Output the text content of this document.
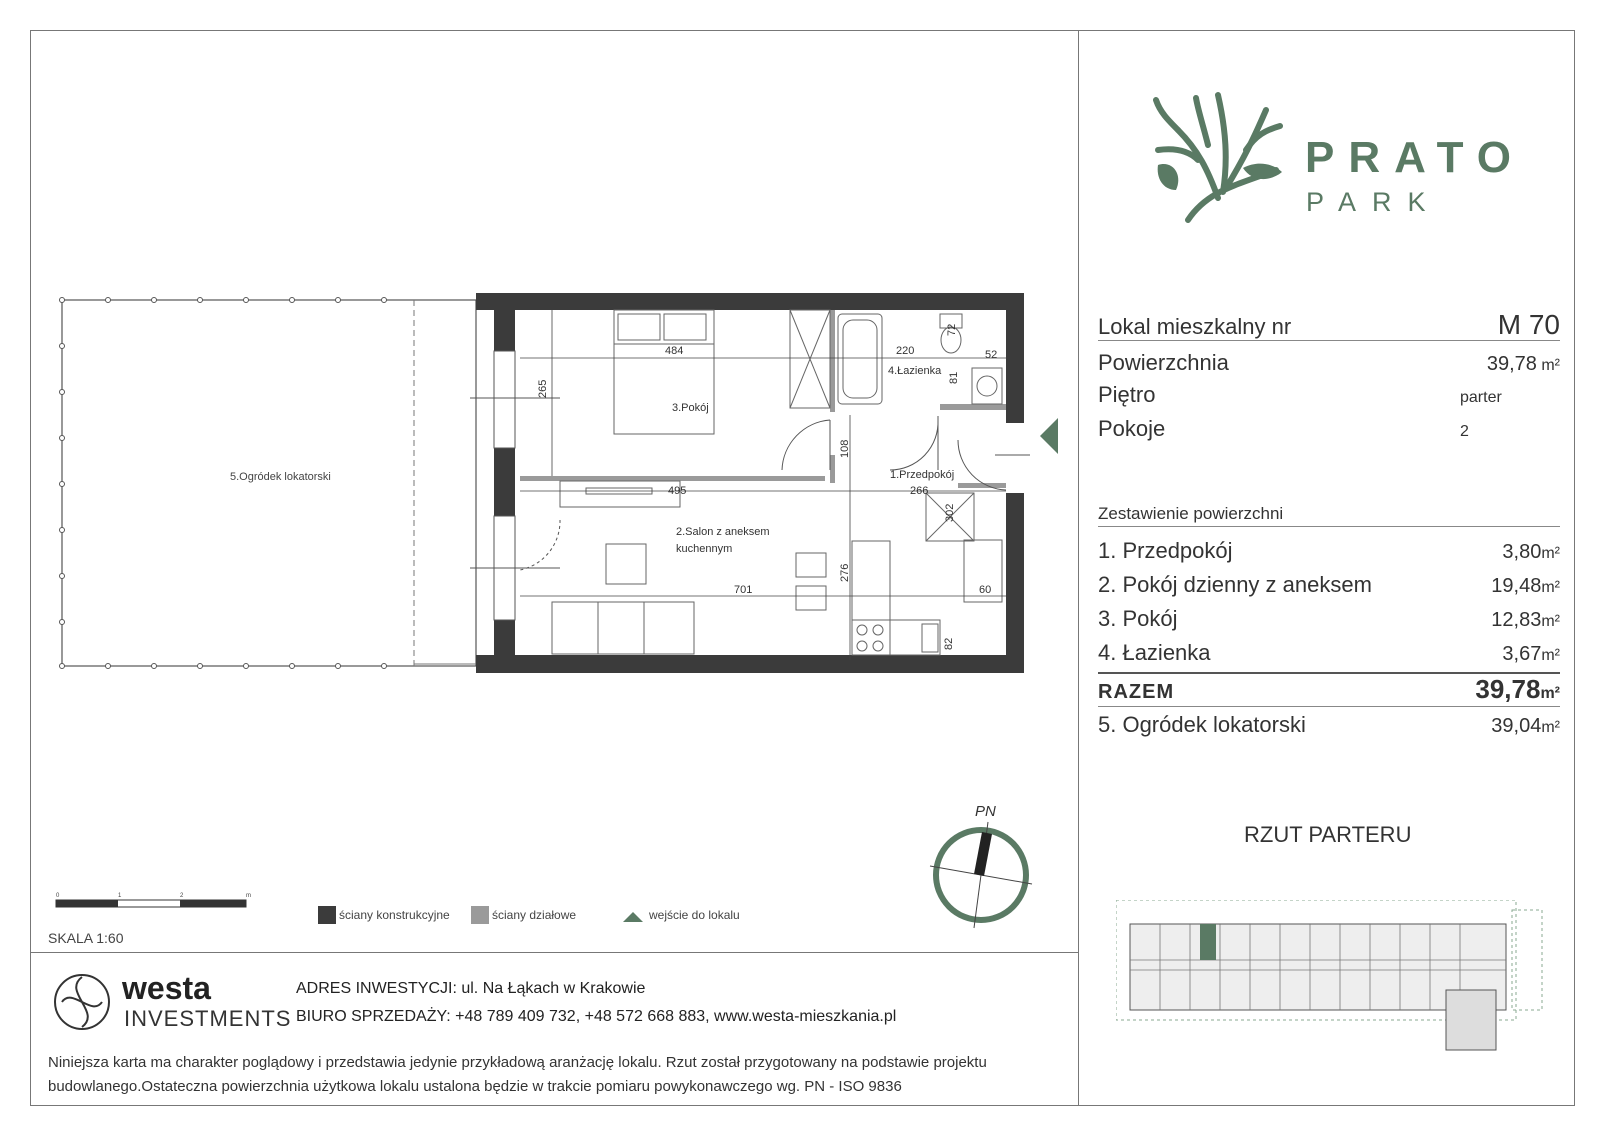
5.Ogródek lokatorski
484	220
265
108
81
72
52
495	266
302
276
701	60
82
3.Pokój
4.Łazienka
1.Przedpokój
2.Salon z aneksem
kuchennym
PN
0	1	2	m
ściany konstrukcyjne	ściany działowe	wejście do lokalu
SKALA 1:60
PRATO
PARK
Lokal mieszkalny nr	M 70
Powierzchnia	39,78 m²
Piętro	parter
Pokoje	2
Zestawienie powierzchni
1. Przedpokój	3,80m²
2. Pokój dzienny z aneksem	19,48m²
3. Pokój	12,83m²
4. Łazienka	3,67m²
RAZEM	39,78m²
5. Ogródek lokatorski	39,04m²
RZUT PARTERU
westa
INVESTMENTS
ADRES INWESTYCJI: ul. Na Łąkach w Krakowie
BIURO SPRZEDAŻY: +48 789 409 732, +48 572 668 883, www.westa-mieszkania.pl
Niniejsza karta ma charakter poglądowy i przedstawia jedynie przykładową aranżację lokalu. Rzut został przygotowany na podstawie projektu
budowlanego.Ostateczna powierzchnia użytkowa lokalu ustalona będzie w trakcie pomiaru powykonawczego wg. PN - ISO 9836
